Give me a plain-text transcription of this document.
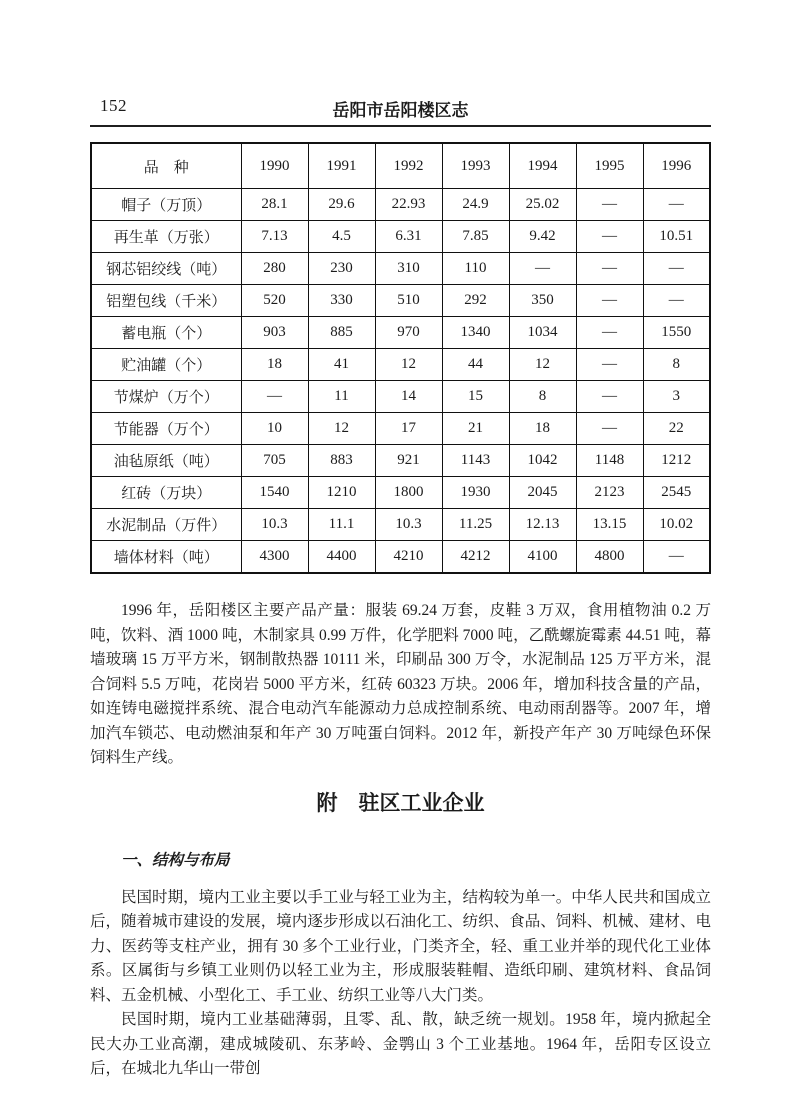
152	岳阳市岳阳楼区志
品　种	1990	1991	1992	1993	1994	1995	1996
帽子（万顶）	28.1	29.6	22.93	24.9	25.02	—	—
再生革（万张）	7.13	4.5	6.31	7.85	9.42	—	10.51
钢芯铝绞线（吨）	280	230	310	110	—	—	—
铝塑包线（千米）	520	330	510	292	350	—	—
蓄电瓶（个）	903	885	970	1340	1034	—	1550
贮油罐（个）	18	41	12	44	12	—	8
节煤炉（万个）	—	11	14	15	8	—	3
节能器（万个）	10	12	17	21	18	—	22
油毡原纸（吨）	705	883	921	1143	1042	1148	1212
红砖（万块）	1540	1210	1800	1930	2045	2123	2545
水泥制品（万件）	10.3	11.1	10.3	11.25	12.13	13.15	10.02
墙体材料（吨）	4300	4400	4210	4212	4100	4800	—

1996 年，岳阳楼区主要产品产量：服装 69.24 万套，皮鞋 3 万双，食用植物油 0.2 万吨，饮料、酒 1000 吨，木制家具 0.99 万件，化学肥料 7000 吨，乙酰螺旋霉素 44.51 吨，幕墙玻璃 15 万平方米，钢制散热器 10111 米，印刷品 300 万令，水泥制品 125 万平方米，混合饲料 5.5 万吨，花岗岩 5000 平方米，红砖 60323 万块。2006 年，增加科技含量的产品，如连铸电磁搅拌系统、混合电动汽车能源动力总成控制系统、电动雨刮器等。2007 年，增加汽车锁芯、电动燃油泵和年产 30 万吨蛋白饲料。2012 年，新投产年产 30 万吨绿色环保饲料生产线。

附　驻区工业企业
一、结构与布局

民国时期，境内工业主要以手工业与轻工业为主，结构较为单一。中华人民共和国成立后，随着城市建设的发展，境内逐步形成以石油化工、纺织、食品、饲料、机械、建材、电力、医药等支柱产业，拥有 30 多个工业行业，门类齐全，轻、重工业并举的现代化工业体系。区属街与乡镇工业则仍以轻工业为主，形成服装鞋帽、造纸印刷、建筑材料、食品饲料、五金机械、小型化工、手工业、纺织工业等八大门类。

民国时期，境内工业基础薄弱，且零、乱、散，缺乏统一规划。1958 年，境内掀起全民大办工业高潮，建成城陵矶、东茅岭、金鹗山 3 个工业基地。1964 年，岳阳专区设立后，在城北九华山一带创
